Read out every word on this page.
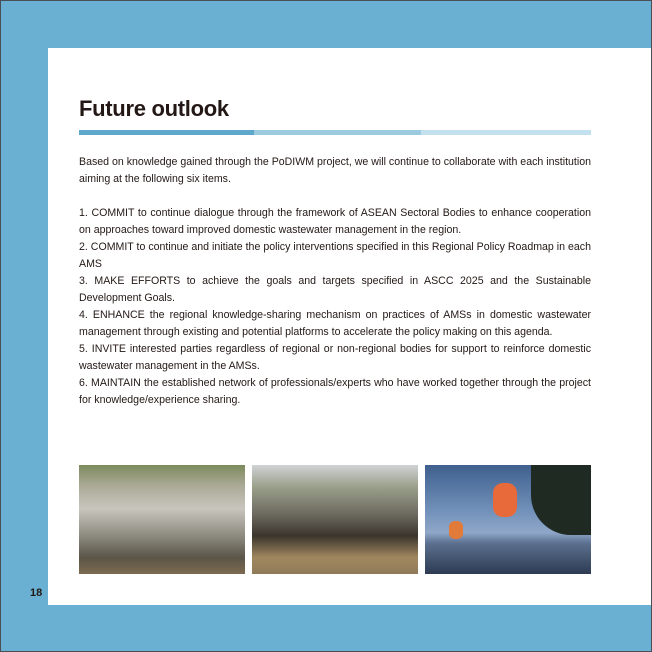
Future outlook

Based on knowledge gained through the PoDIWM project, we will continue to collaborate with each institution aiming at the following six items.

1. COMMIT to continue dialogue through the framework of ASEAN Sectoral Bodies to enhance cooperation on approaches toward improved domestic wastewater management in the region.

2. COMMIT to continue and initiate the policy interventions specified in this Regional Policy Roadmap in each AMS

3. MAKE EFFORTS to achieve the goals and targets specified in ASCC 2025 and the Sustainable Development Goals.

4. ENHANCE the regional knowledge-sharing mechanism on practices of AMSs in domestic wastewater management through existing and potential platforms to accelerate the policy making on this agenda.

5. INVITE interested parties regardless of regional or non-regional bodies for support to reinforce domestic wastewater management in the AMSs.

6. MAINTAIN the established network of professionals/experts who have worked together through the project for knowledge/experience sharing.

18
